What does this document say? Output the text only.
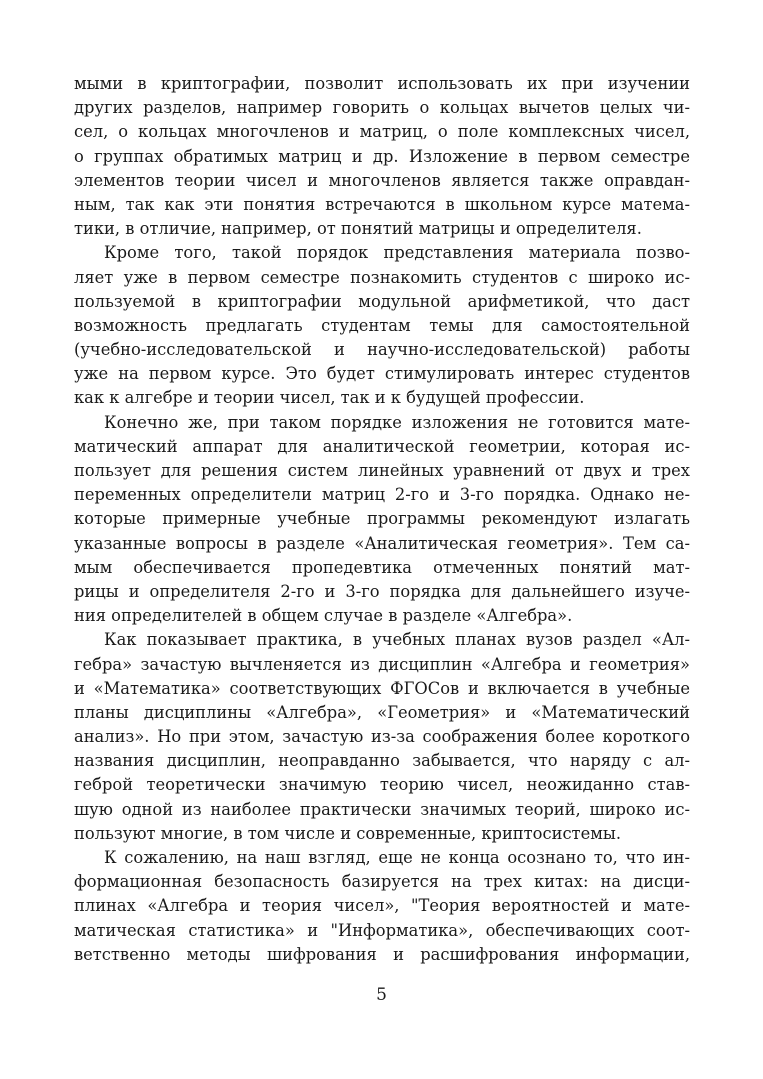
мыми в криптографии, позволит использовать их при изучении
других разделов, например говорить о кольцах вычетов целых чи-
сел, о кольцах многочленов и матриц, о поле комплексных чисел,
о группах обратимых матриц и др. Изложение в первом семестре
элементов теории чисел и многочленов является также оправдан-
ным, так как эти понятия встречаются в школьном курсе матема-
тики, в отличие, например, от понятий матрицы и определителя.
Кроме того, такой порядок представления материала позво-
ляет уже в первом семестре познакомить студентов с широко ис-
пользуемой в криптографии модульной арифметикой, что даст
возможность предлагать студентам темы для самостоятельной
(учебно-исследовательской и научно-исследовательской) работы
уже на первом курсе. Это будет стимулировать интерес студентов
как к алгебре и теории чисел, так и к будущей профессии.
Конечно же, при таком порядке изложения не готовится мате-
матический аппарат для аналитической геометрии, которая ис-
пользует для решения систем линейных уравнений от двух и трех
переменных определители матриц 2-го и 3-го порядка. Однако не-
которые примерные учебные программы рекомендуют излагать
указанные вопросы в разделе «Аналитическая геометрия». Тем са-
мым обеспечивается пропедевтика отмеченных понятий мат-
рицы и определителя 2-го и 3-го порядка для дальнейшего изуче-
ния определителей в общем случае в разделе «Алгебра».
Как показывает практика, в учебных планах вузов раздел «Ал-
гебра» зачастую вычленяется из дисциплин «Алгебра и геометрия»
и «Математика» соответствующих ФГОСов и включается в учебные
планы дисциплины «Алгебра», «Геометрия» и «Математический
анализ». Но при этом, зачастую из-за соображения более короткого
названия дисциплин, неоправданно забывается, что наряду с ал-
геброй теоретически значимую теорию чисел, неожиданно став-
шую одной из наиболее практически значимых теорий, широко ис-
пользуют многие, в том числе и современные, криптосистемы.
К сожалению, на наш взгляд, еще не конца осознано то, что ин-
формационная безопасность базируется на трех китах: на дисци-
плинах «Алгебра и теория чисел», "Теория вероятностей и мате-
матическая статистика» и "Информатика», обеспечивающих соот-
ветственно методы шифрования и расшифрования информации,
5
